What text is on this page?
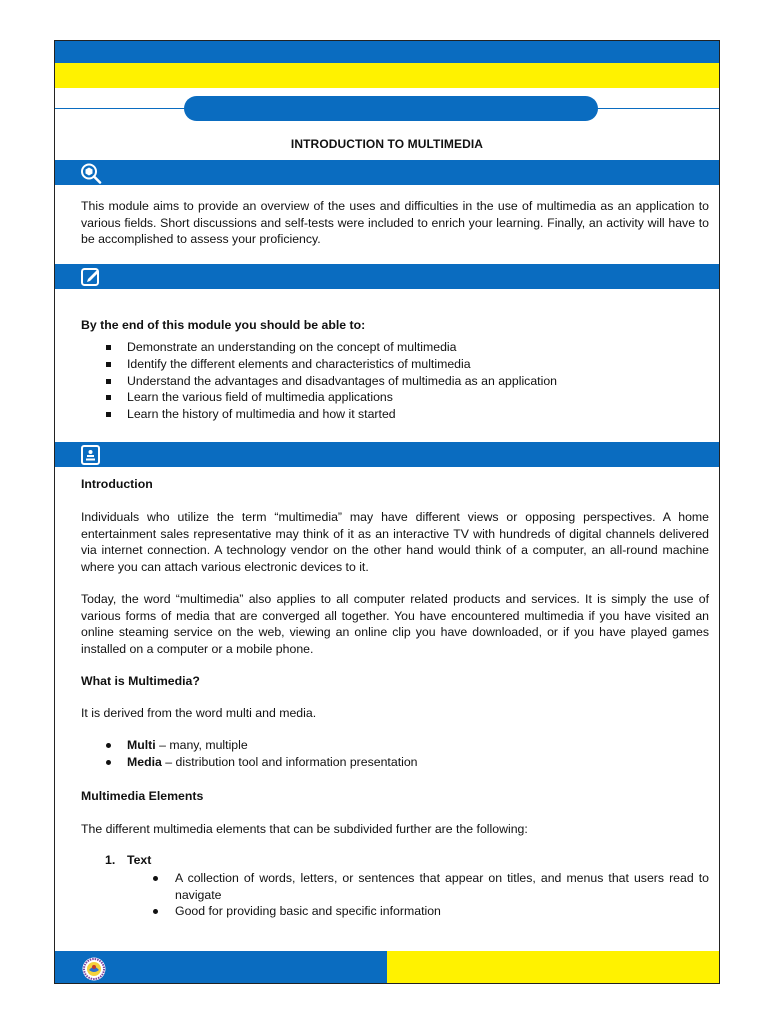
INTRODUCTION TO MULTIMEDIA

This module aims to provide an overview of the uses and difficulties in the use of multimedia as an application to various fields. Short discussions and self-tests were included to enrich your learning. Finally, an activity will have to be accomplished to assess your proficiency.

By the end of this module you should be able to:
Demonstrate an understanding on the concept of multimedia
Identify the different elements and characteristics of multimedia
Understand the advantages and disadvantages of multimedia as an application
Learn the various field of multimedia applications
Learn the history of multimedia and how it started
Introduction

Individuals who utilize the term “multimedia” may have different views or opposing perspectives. A home entertainment sales representative may think of it as an interactive TV with hundreds of digital channels delivered via internet connection. A technology vendor on the other hand would think of a computer, an all-round machine where you can attach various electronic devices to it.

Today, the word “multimedia” also applies to all computer related products and services. It is simply the use of various forms of media that are converged all together. You have encountered multimedia if you have visited an online steaming service on the web, viewing an online clip you have downloaded, or if you have played games installed on a computer or a mobile phone.

What is Multimedia?

It is derived from the word multi and media.

Multi – many, multiple
Media – distribution tool and information presentation
Multimedia Elements

The different multimedia elements that can be subdivided further are the following:

1. Text
A collection of words, letters, or sentences that appear on titles, and menus that users read to navigate
Good for providing basic and specific information
